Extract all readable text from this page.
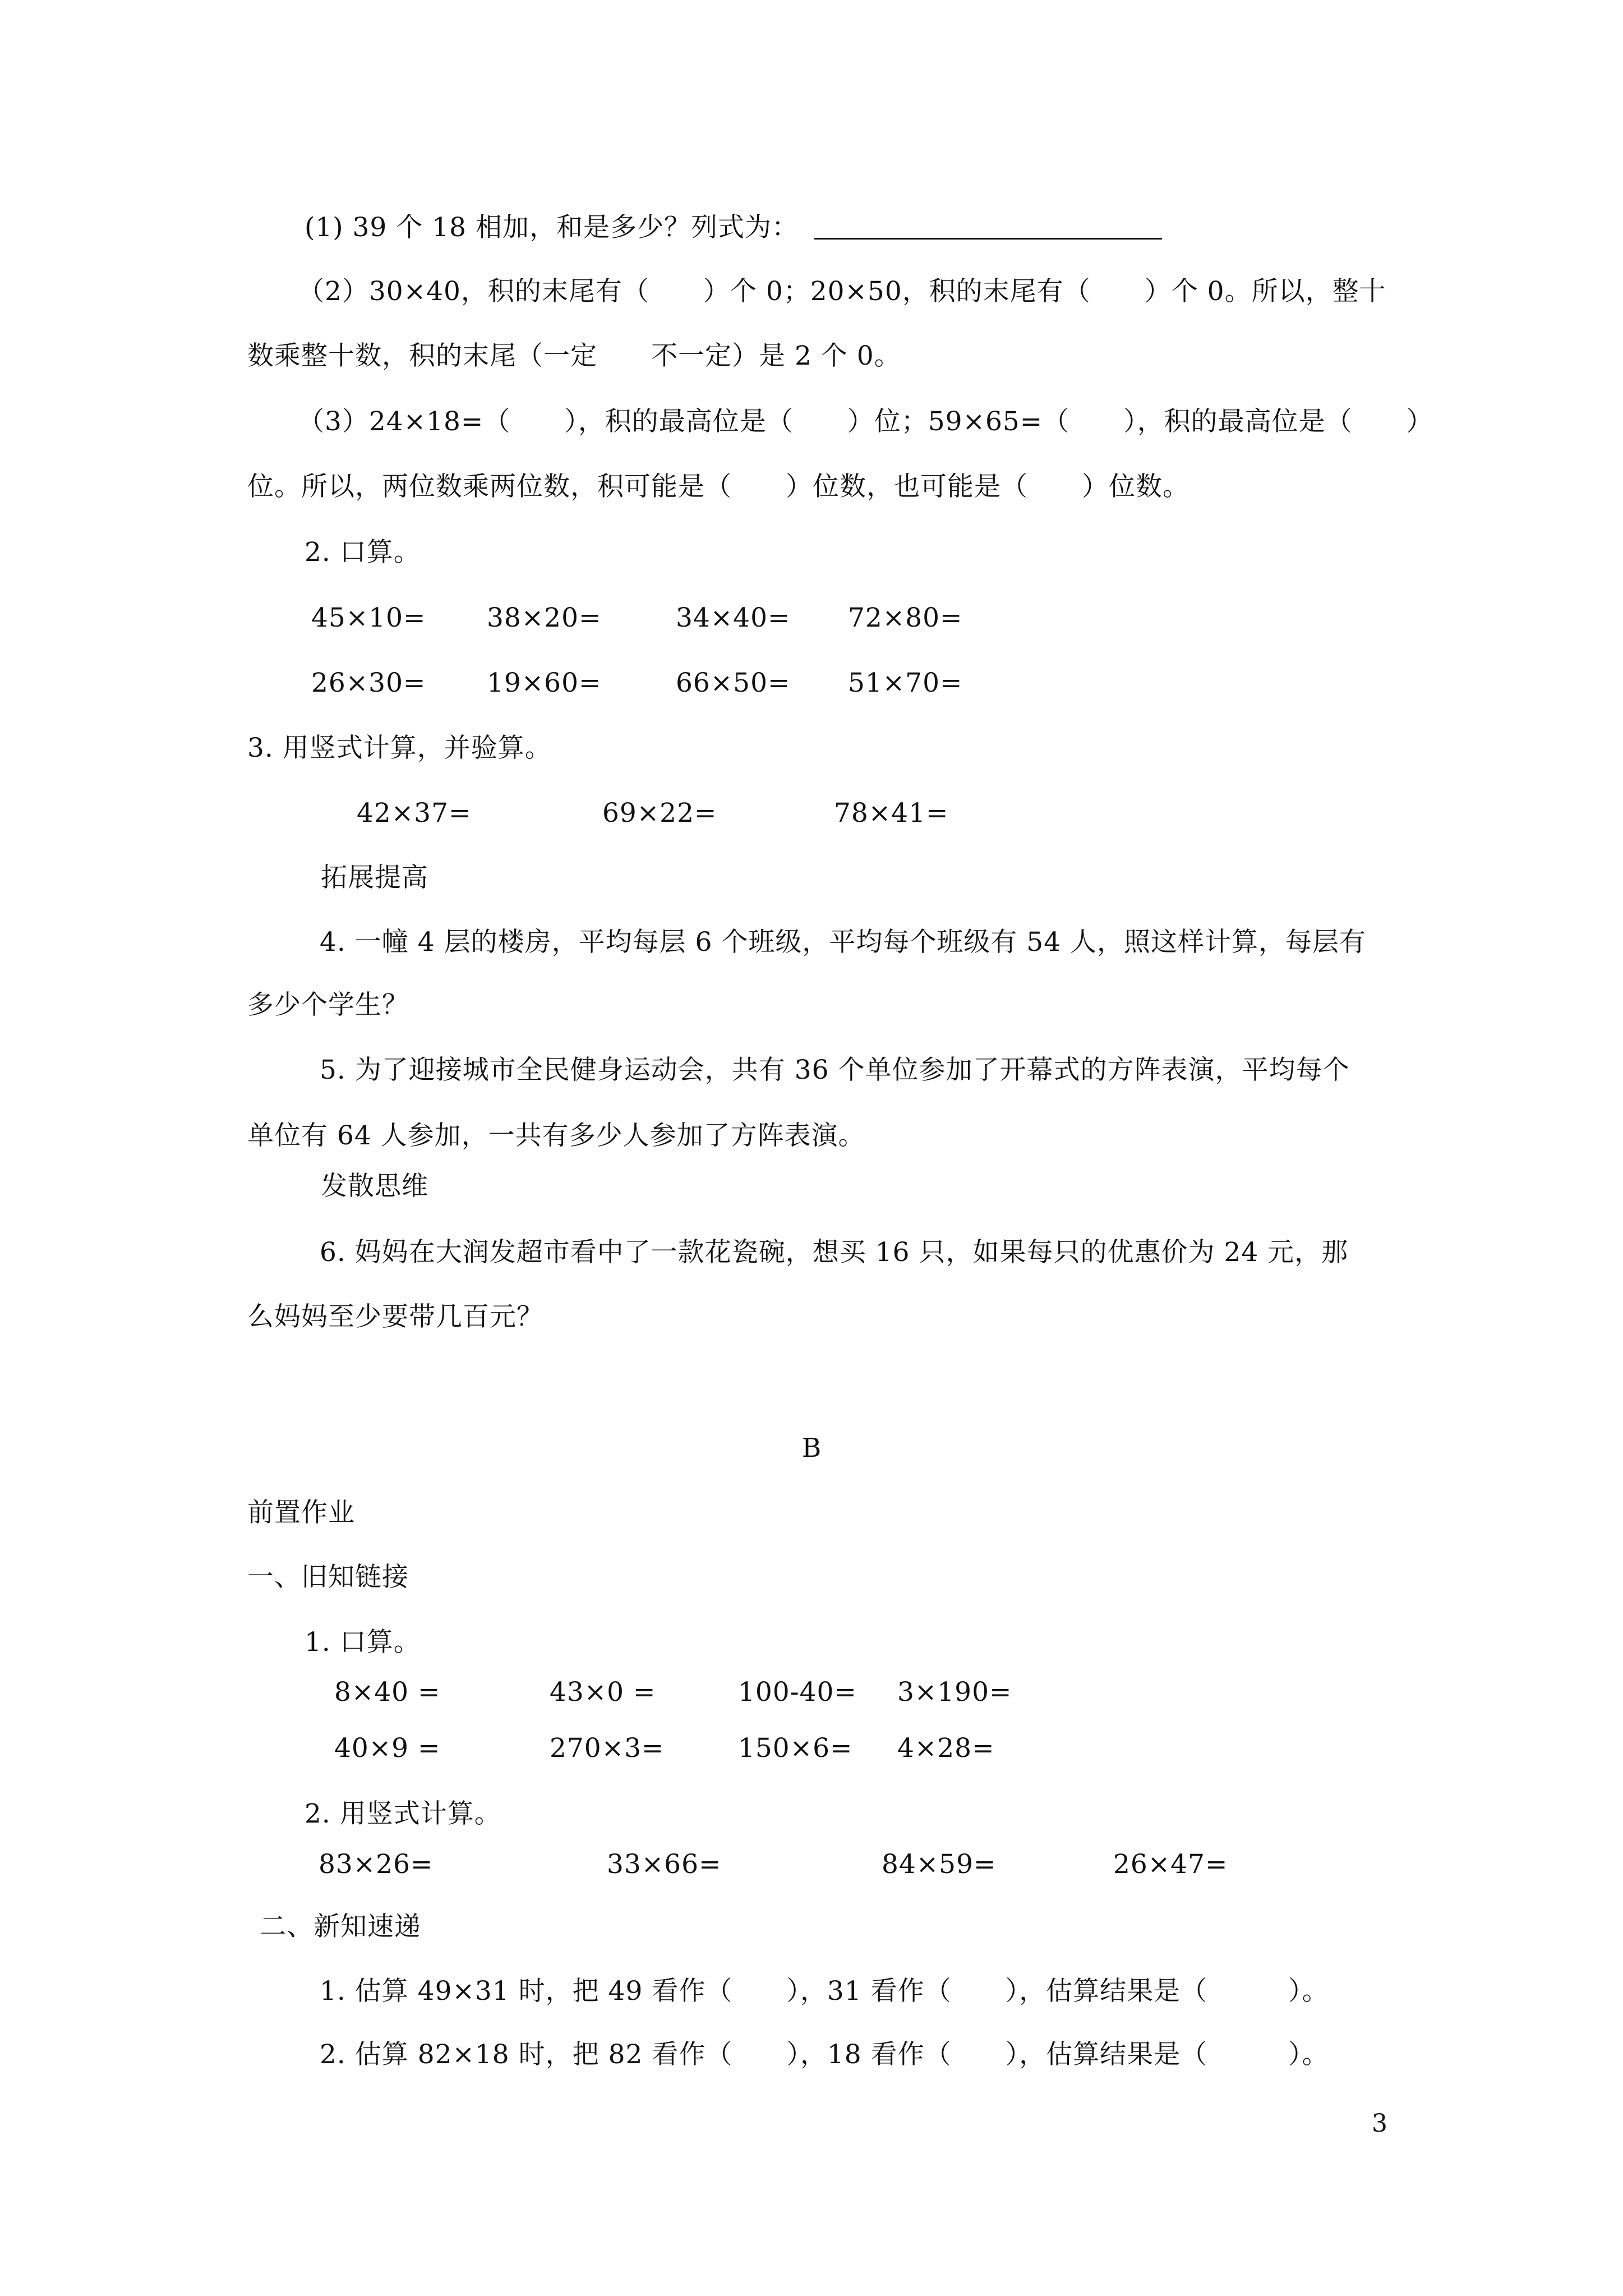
(1) 39 个 18 相加，和是多少？列式为：

（2）30×40，积的末尾有（　　）个 0；20×50，积的末尾有（　　）个 0。所以，整十

数乘整十数，积的末尾（一定　　不一定）是 2 个 0。

（3）24×18=（　　），积的最高位是（　　）位；59×65=（　　），积的最高位是（　　）

位。所以，两位数乘两位数，积可能是（　　）位数，也可能是（　　）位数。

2. 口算。

45×10= 38×20=	34×40= 72×80=
26×30= 19×60=	66×50= 51×70=

3. 用竖式计算，并验算。

42×37=	69×22=	78×41=

拓展提高

4. 一幢 4 层的楼房，平均每层 6 个班级，平均每个班级有 54 人，照这样计算，每层有

多少个学生？

5. 为了迎接城市全民健身运动会，共有 36 个单位参加了开幕式的方阵表演，平均每个

单位有 64 人参加，一共有多少人参加了方阵表演。

发散思维

6. 妈妈在大润发超市看中了一款花瓷碗，想买 16 只，如果每只的优惠价为 24 元，那

么妈妈至少要带几百元？

B

前置作业

一、旧知链接

1. 口算。

8×40 =	43×0 =	100-40= 3×190=
40×9 =	270×3=	150×6= 4×28=

2. 用竖式计算。

83×26=	33×66=	84×59=	26×47=

二、新知速递

1. 估算 49×31 时，把 49 看作（　　），31 看作（　　），估算结果是（　　　）。

2. 估算 82×18 时，把 82 看作（　　），18 看作（　　），估算结果是（　　　）。

3
